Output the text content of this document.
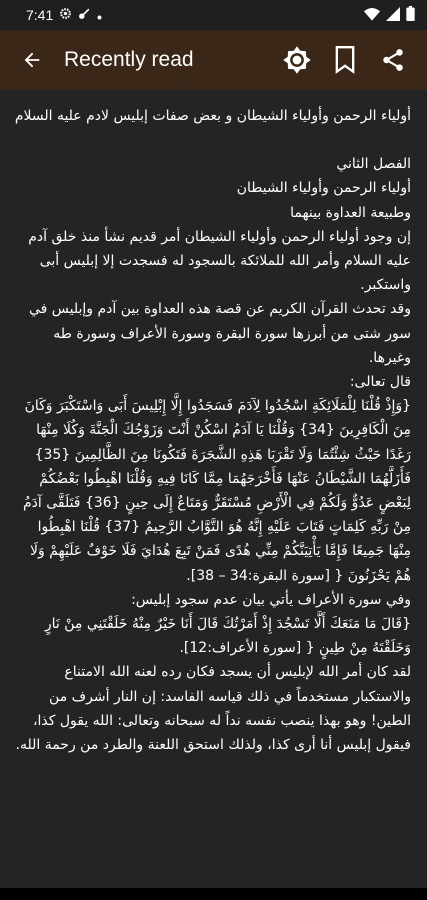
7:41
Recently read

أولياء الرحمن وأولياء الشيطان و بعض صفات إبليس لادم عليه السلام

الفصل الثاني

أولياء الرحمن وأولياء الشيطان

وطبيعة العداوة بينهما

إن وجود أولياء الرحمن وأولياء الشيطان أمر قديم نشأ منذ خلق آدم عليه السلام وأمر الله للملائكة بالسجود له فسجدت إلا إبليس أبى واستكبر.

وقد تحدث القرآن الكريم عن قصة هذه العداوة بين آدم وإبليس في سور شتى من أبرزها سورة البقرة وسورة الأعراف وسورة طه وغيرها.

قال تعالى:

{وَإِذْ قُلْنَا لِلْمَلَائِكَةِ اسْجُدُوا لِآدَمَ فَسَجَدُوا إِلَّا إِبْلِيسَ أَبَى وَاسْتَكْبَرَ وَكَانَ مِنَ الْكَافِرِينَ {34} وَقُلْنَا يَا آدَمُ اسْكُنْ أَنْتَ وَزَوْجُكَ الْجَنَّةَ وَكُلَا مِنْهَا رَغَدًا حَيْثُ شِئْتُمَا وَلَا تَقْرَبَا هَذِهِ الشَّجَرَةَ فَتَكُونَا مِنَ الظَّالِمِينَ {35} فَأَزَلَّهُمَا الشَّيْطَانُ عَنْهَا فَأَخْرَجَهُمَا مِمَّا كَانَا فِيهِ وَقُلْنَا اهْبِطُوا بَعْضُكُمْ لِبَعْضٍ عَدُوٌّ وَلَكُمْ فِي الْأَرْضِ مُسْتَقَرٌّ وَمَتَاعٌ إِلَى حِينٍ {36} فَتَلَقَّى آدَمُ مِنْ رَبِّهِ كَلِمَاتٍ فَتَابَ عَلَيْهِ إِنَّهُ هُوَ التَّوَّابُ الرَّحِيمُ {37} قُلْنَا اهْبِطُوا مِنْهَا جَمِيعًا فَإِمَّا يَأْتِيَنَّكُمْ مِنِّي هُدًى فَمَنْ تَبِعَ هُدَايَ فَلَا خَوْفٌ عَلَيْهِمْ وَلَا هُمْ يَحْزَنُونَ { [سورة البقرة:34 – 38].

وفي سورة الأعراف يأتي بيان عدم سجود إبليس:

{قَالَ مَا مَنَعَكَ أَلَّا تَسْجُدَ إِذْ أَمَرْتُكَ قَالَ أَنَا خَيْرٌ مِنْهُ خَلَقْتَنِي مِنْ نَارٍ وَخَلَقْتَهُ مِنْ طِينٍ { [سورة الأعراف:12].

لقد كان أمر الله لإبليس أن يسجد فكان رده لعنه الله الامتناع والاستكبار مستخدماً في ذلك قياسه الفاسد: إن النار أشرف من الطين! وهو بهذا ينصب نفسه نداً له سبحانه وتعالى: الله يقول كذا، فيقول إبليس أنا أرى كذا، ولذلك استحق اللعنة والطرد من رحمة الله.
